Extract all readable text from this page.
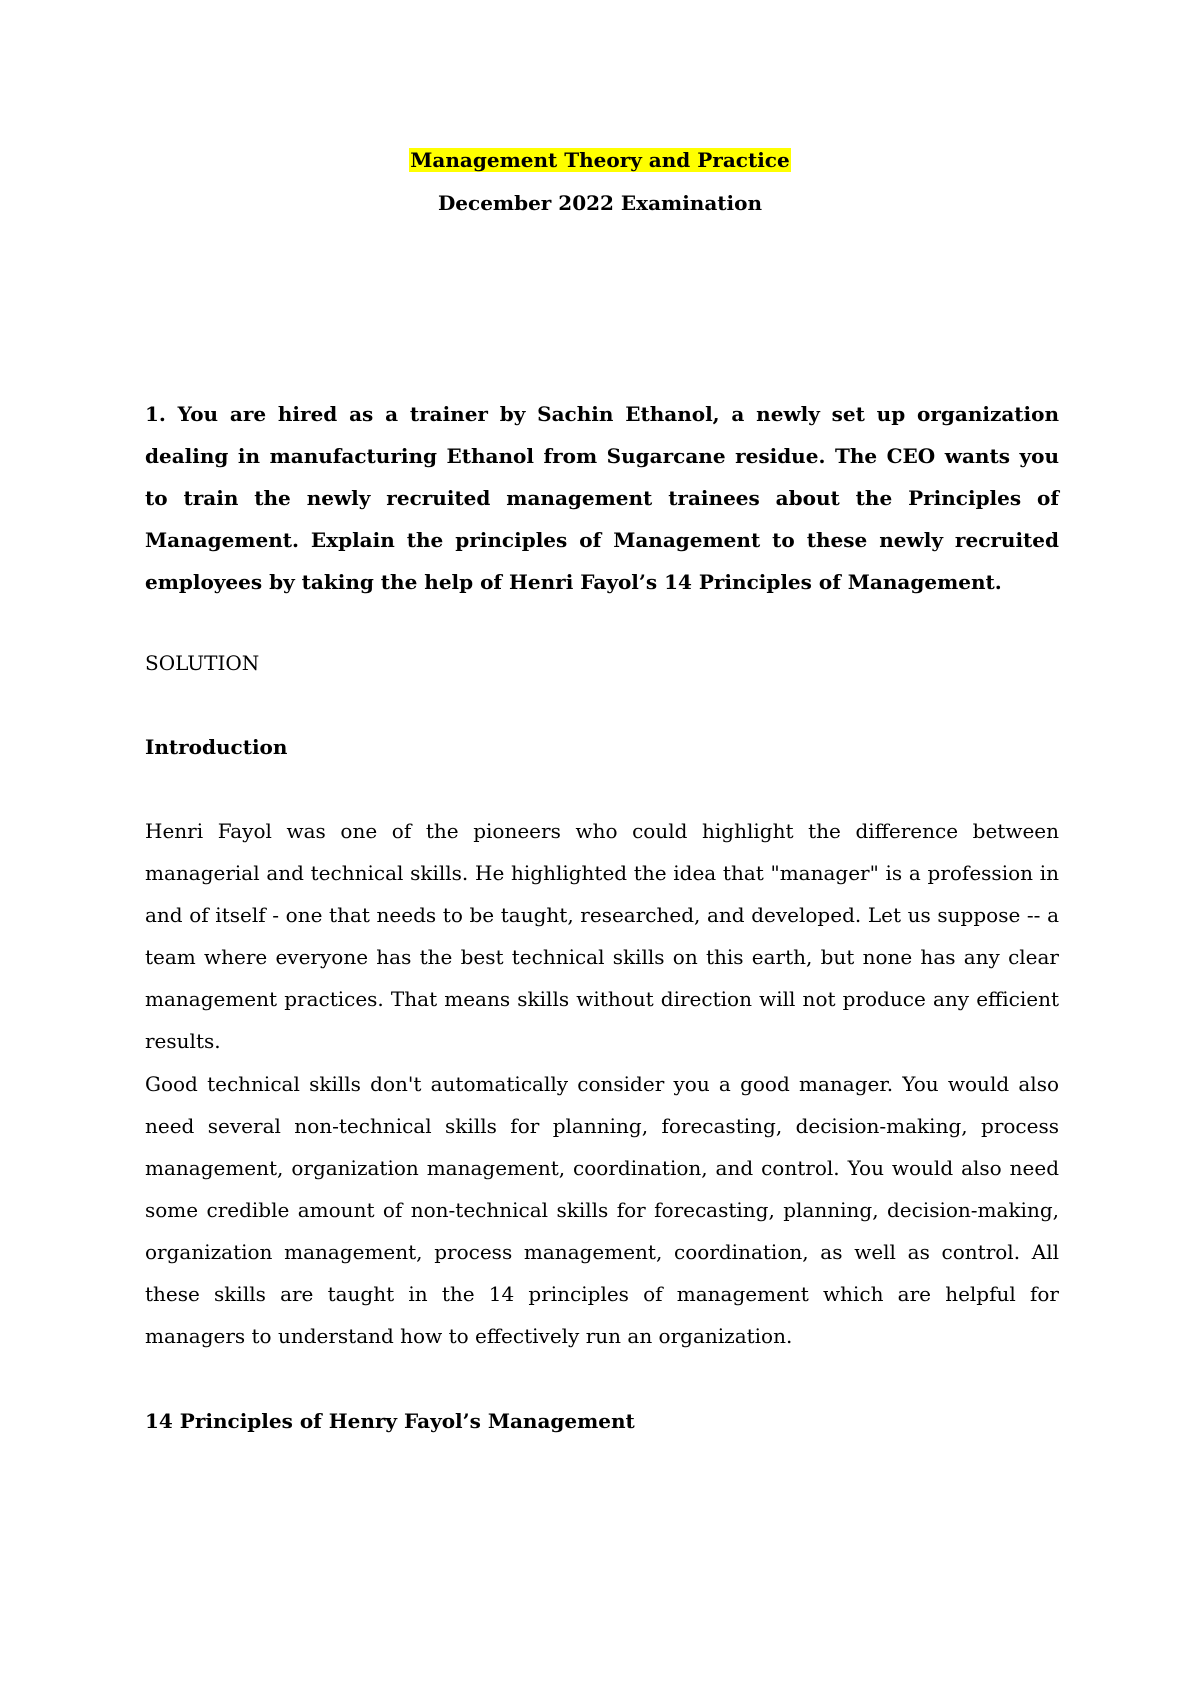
Management Theory and Practice
December 2022 Examination
1. You are hired as a trainer by Sachin Ethanol, a newly set up organization dealing in manufacturing Ethanol from Sugarcane residue. The CEO wants you to train the newly recruited management trainees about the Principles of Management. Explain the principles of Management to these newly recruited employees by taking the help of Henri Fayol’s 14 Principles of Management.
SOLUTION
Introduction
Henri Fayol was one of the pioneers who could highlight the difference between managerial and technical skills. He highlighted the idea that "manager" is a profession in and of itself - one that needs to be taught, researched, and developed. Let us suppose -- a team where everyone has the best technical skills on this earth, but none has any clear management practices. That means skills without direction will not produce any efficient results.
Good technical skills don't automatically consider you a good manager. You would also need several non-technical skills for planning, forecasting, decision-making, process management, organization management, coordination, and control. You would also need some credible amount of non-technical skills for forecasting, planning, decision-making, organization management, process management, coordination, as well as control. All these skills are taught in the 14 principles of management which are helpful for managers to understand how to effectively run an organization.
14 Principles of Henry Fayol’s Management
